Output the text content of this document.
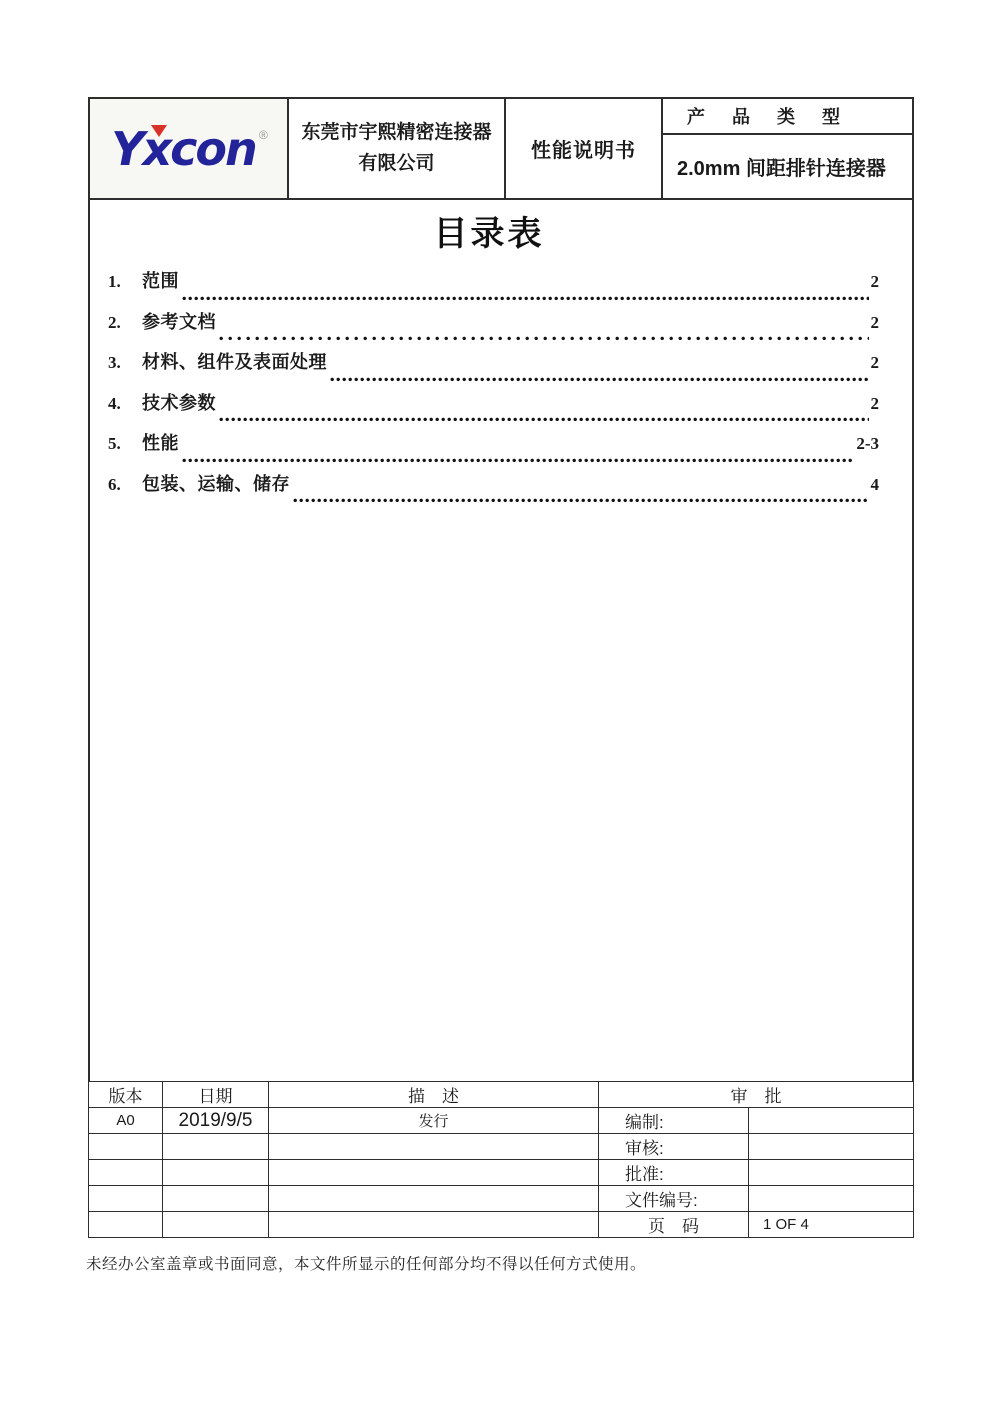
Yxcon ® 东莞市宇熙精密连接器
有限公司
性能说明书
产 品 类 型
2.0mm 间距排针连接器
目录表
1.	范围	2
2.	参考文档	2
3.	材料、组件及表面处理	2
4.	技术参数	2
5.	性能	2-3
6.	包装、运输、储存	4
版本	日期	描　述	审　批	
A0	2019/9/5	发行	编制:	
			审核:	
			批准:	
			文件编号:	
			页　码	1 OF 4
未经办公室盖章或书面同意，本文件所显示的任何部分均不得以任何方式使用。
